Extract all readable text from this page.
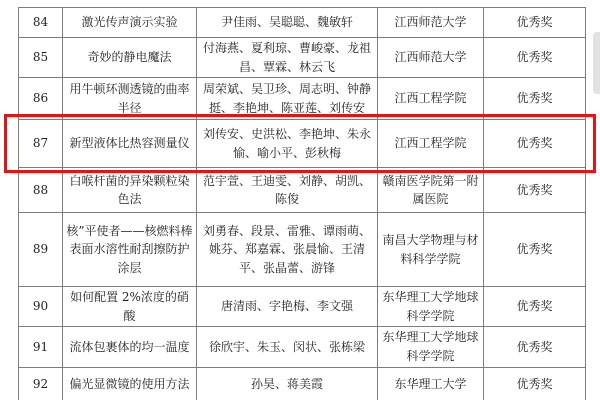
84	激光传声演示实验	尹佳雨、吴聪聪、魏敏轩	江西师范大学	优秀奖
85	奇妙的静电魔法	付海燕、夏利琼、曹峻豪、龙祖昌、覃霖、林云飞	江西师范大学	优秀奖
86	用牛顿环测透镜的曲率半径	周荣斌、吴卫珍、周志明、钟静挺、李艳坤、陈亚莲、刘传安	江西工程学院	优秀奖
87	新型液体比热容测量仪	刘传安、史洪松、李艳坤、朱永愉、喻小平、彭秋梅	江西工程学院	优秀奖
88	白喉杆菌的异染颗粒染色法	范宇萱、王迪雯、刘静、胡凯、陈俊	赣南医学院第一附属医院	优秀奖
89	核”平使者——核燃料棒表面水溶性耐刮擦防护涂层	刘勇春、段景、雷雅、谭雨萌、姚芬、郑嘉霖、张晨愉、王清平、张晶蕾、游锋	南昌大学物理与材料科学学院	优秀奖
90	如何配置 2%浓度的硝酸	唐清雨、字艳梅、李文强	东华理工大学地球科学学院	优秀奖
91	流体包裹体的均一温度	徐欣宇、朱玉、闵状、张栋梁	东华理工大学地球科学学院	优秀奖
92	偏光显微镜的使用方法	孙昊、蒋美霞	东华理工大学	优秀奖
